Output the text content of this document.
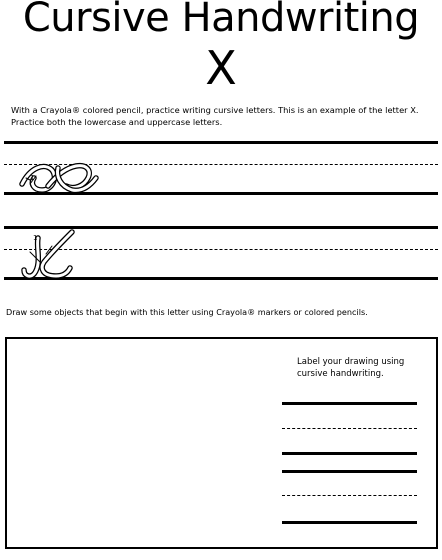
Cursive Handwriting
X
With a Crayola® colored pencil, practice writing cursive letters. This is an example of the letter X. Practice both the lowercase and uppercase letters.
1
1
Draw some objects that begin with this letter using Crayola® markers or colored pencils.
Label your drawing using cursive handwriting.
